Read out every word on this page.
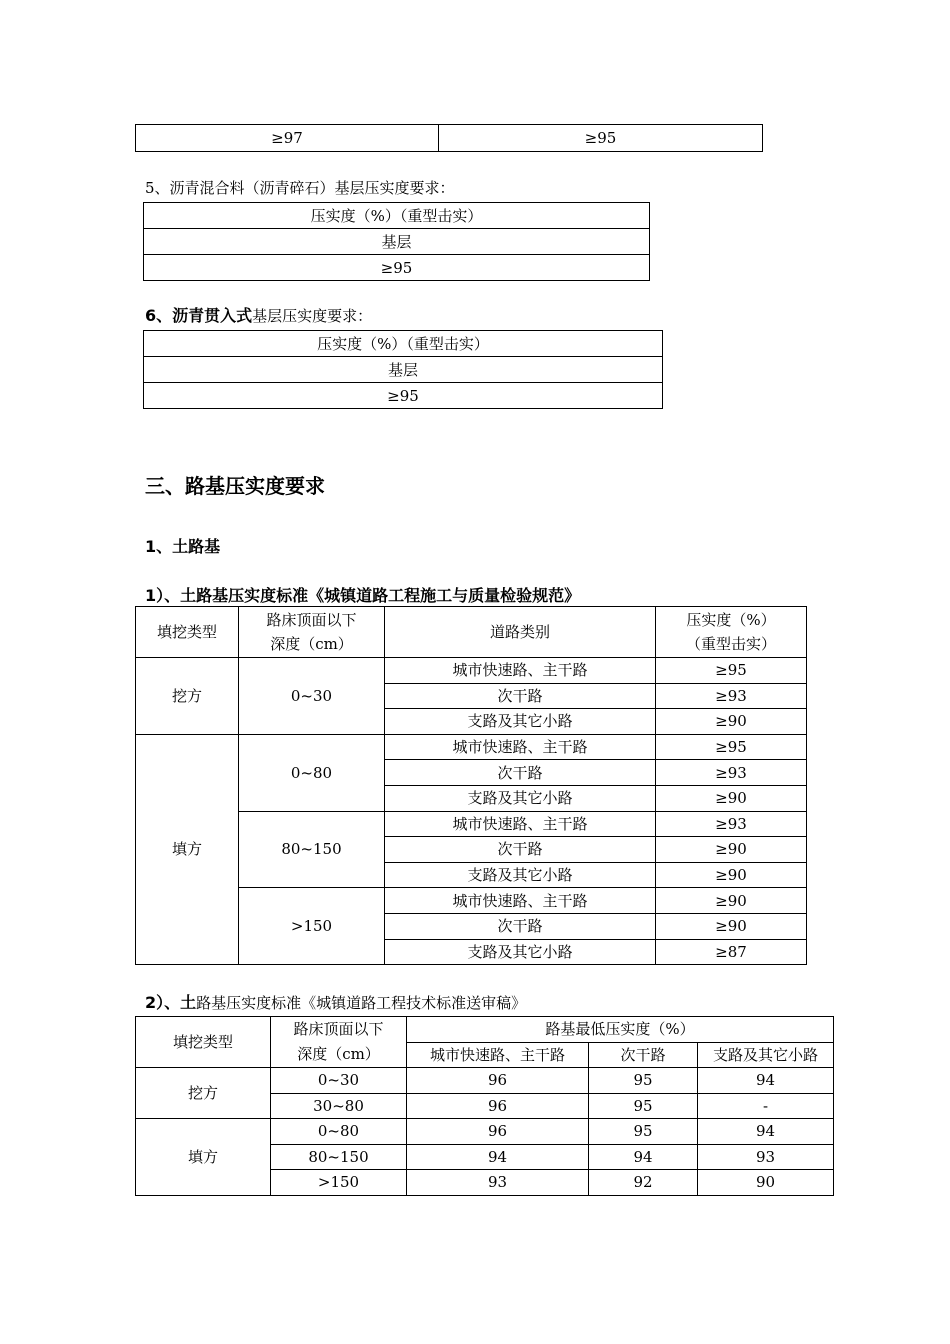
≥97	≥95
5、沥青混合料（沥青碎石）基层压实度要求：
压实度（%）（重型击实）
基层
≥95
6、沥青贯入式基层压实度要求：
压实度（%）（重型击实）
基层
≥95
三、路基压实度要求
1、土路基
1）、土路基压实度标准《城镇道路工程施工与质量检验规范》
填挖类型	路床顶面以下
深度（cm）	道路类别	压实度（%）
（重型击实）
挖方	0~30	城市快速路、主干路	≥95
		次干路	≥93
		支路及其它小路	≥90
填方	0~80	城市快速路、主干路	≥95
		次干路	≥93
		支路及其它小路	≥90
	80~150	城市快速路、主干路	≥93
		次干路	≥90
		支路及其它小路	≥90
	>150	城市快速路、主干路	≥90
		次干路	≥90
		支路及其它小路	≥87
2）、土路基压实度标准《城镇道路工程技术标准送审稿》
填挖类型	路床顶面以下
深度（cm）	路基最低压实度（%）		
		城市快速路、主干路	次干路	支路及其它小路
挖方	0~30	96	95	94
	30~80	96	95	-
填方	0~80	96	95	94
	80~150	94	94	93
	>150	93	92	90
